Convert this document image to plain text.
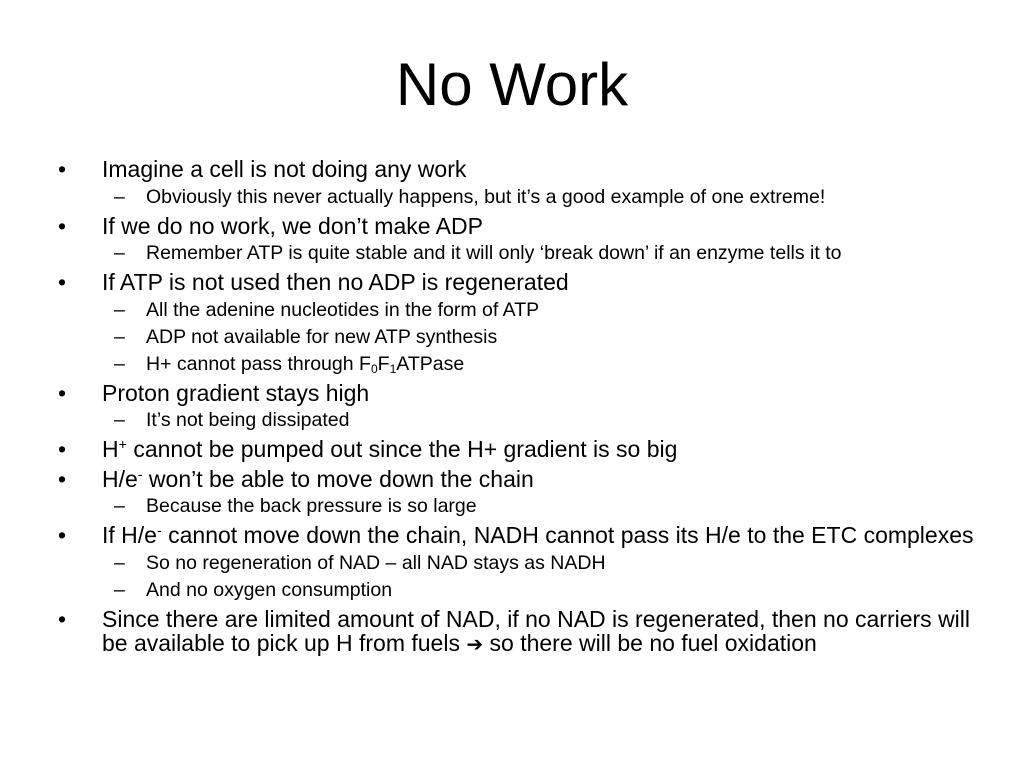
No Work
• Imagine a cell is not doing any work
– Obviously this never actually happens, but it’s a good example of one extreme!
• If we do no work, we don’t make ADP
– Remember ATP is quite stable and it will only ‘break down’ if an enzyme tells it to
• If ATP is not used then no ADP is regenerated
– All the adenine nucleotides in the form of ATP
– ADP not available for new ATP synthesis
– H+ cannot pass through $F_0F_1ATPase$
• Proton gradient stays high
– It’s not being dissipated
• H+ cannot be pumped out since the H+ gradient is so big
• H/e- won’t be able to move down the chain
– Because the back pressure is so large
• If H/e- cannot move down the chain, NADH cannot pass its H/e to the ETC complexes
– So no regeneration of NAD – all NAD stays as NADH
– And no oxygen consumption
• Since there are limited amount of NAD, if no NAD is regenerated, then no carriers will be available to pick up H from fuels ➔ so there will be no fuel oxidation
